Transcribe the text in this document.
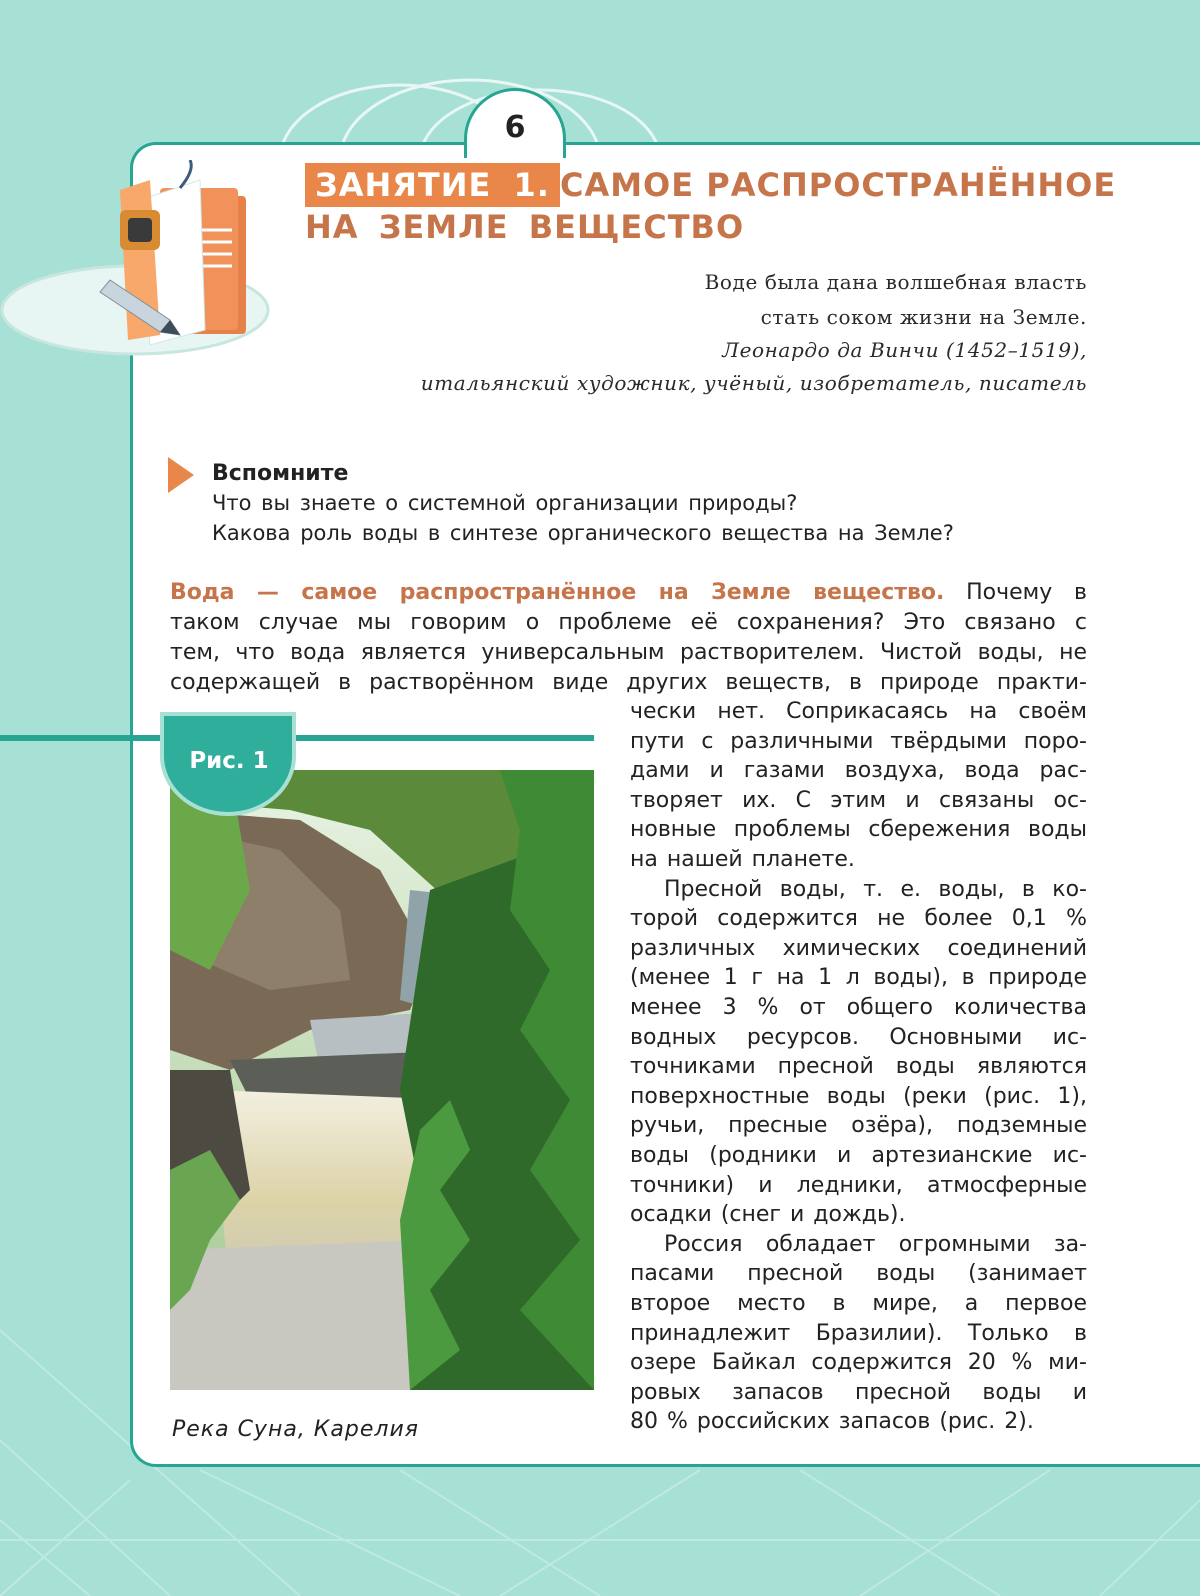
6
ЗАНЯТИЕ 1. САМОЕ РАСПРОСТРАНЁННОЕ
НА ЗЕМЛЕ ВЕЩЕСТВО
Воде была дана волшебная власть
стать соком жизни на Земле.
Леонардо да Винчи (1452–1519),
итальянский художник, учёный, изобретатель, писатель
Вспомните
Что вы знаете о системной организации природы?
Какова роль воды в синтезе органического вещества на Земле?
Вода — самое распространённое на Земле вещество. Почему в
таком случае мы говорим о проблеме её сохранения? Это связано с
тем, что вода является универсальным растворителем. Чистой воды, не
содержащей в растворённом виде других веществ, в природе практи-
чески нет. Соприкасаясь на своём
пути с различными твёрдыми поро-
дами и газами воздуха, вода рас-
творяет их. С этим и связаны ос-
новные проблемы сбережения воды
на нашей планете.
Пресной воды, т. е. воды, в ко-
торой содержится не более 0,1 %
различных химических соединений
(менее 1 г на 1 л воды), в природе
менее 3 % от общего количества
водных ресурсов. Основными ис-
точниками пресной воды являются
поверхностные воды (реки (рис. 1),
ручьи, пресные озёра), подземные
воды (родники и артезианские ис-
точники) и ледники, атмосферные
осадки (снег и дождь).
Россия обладает огромными за-
пасами пресной воды (занимает
второе место в мире, а первое
принадлежит Бразилии). Только в
озере Байкал содержится 20 % ми-
ровых запасов пресной воды и
80 % российских запасов (рис. 2).
Рис. 1
Река Суна, Карелия
